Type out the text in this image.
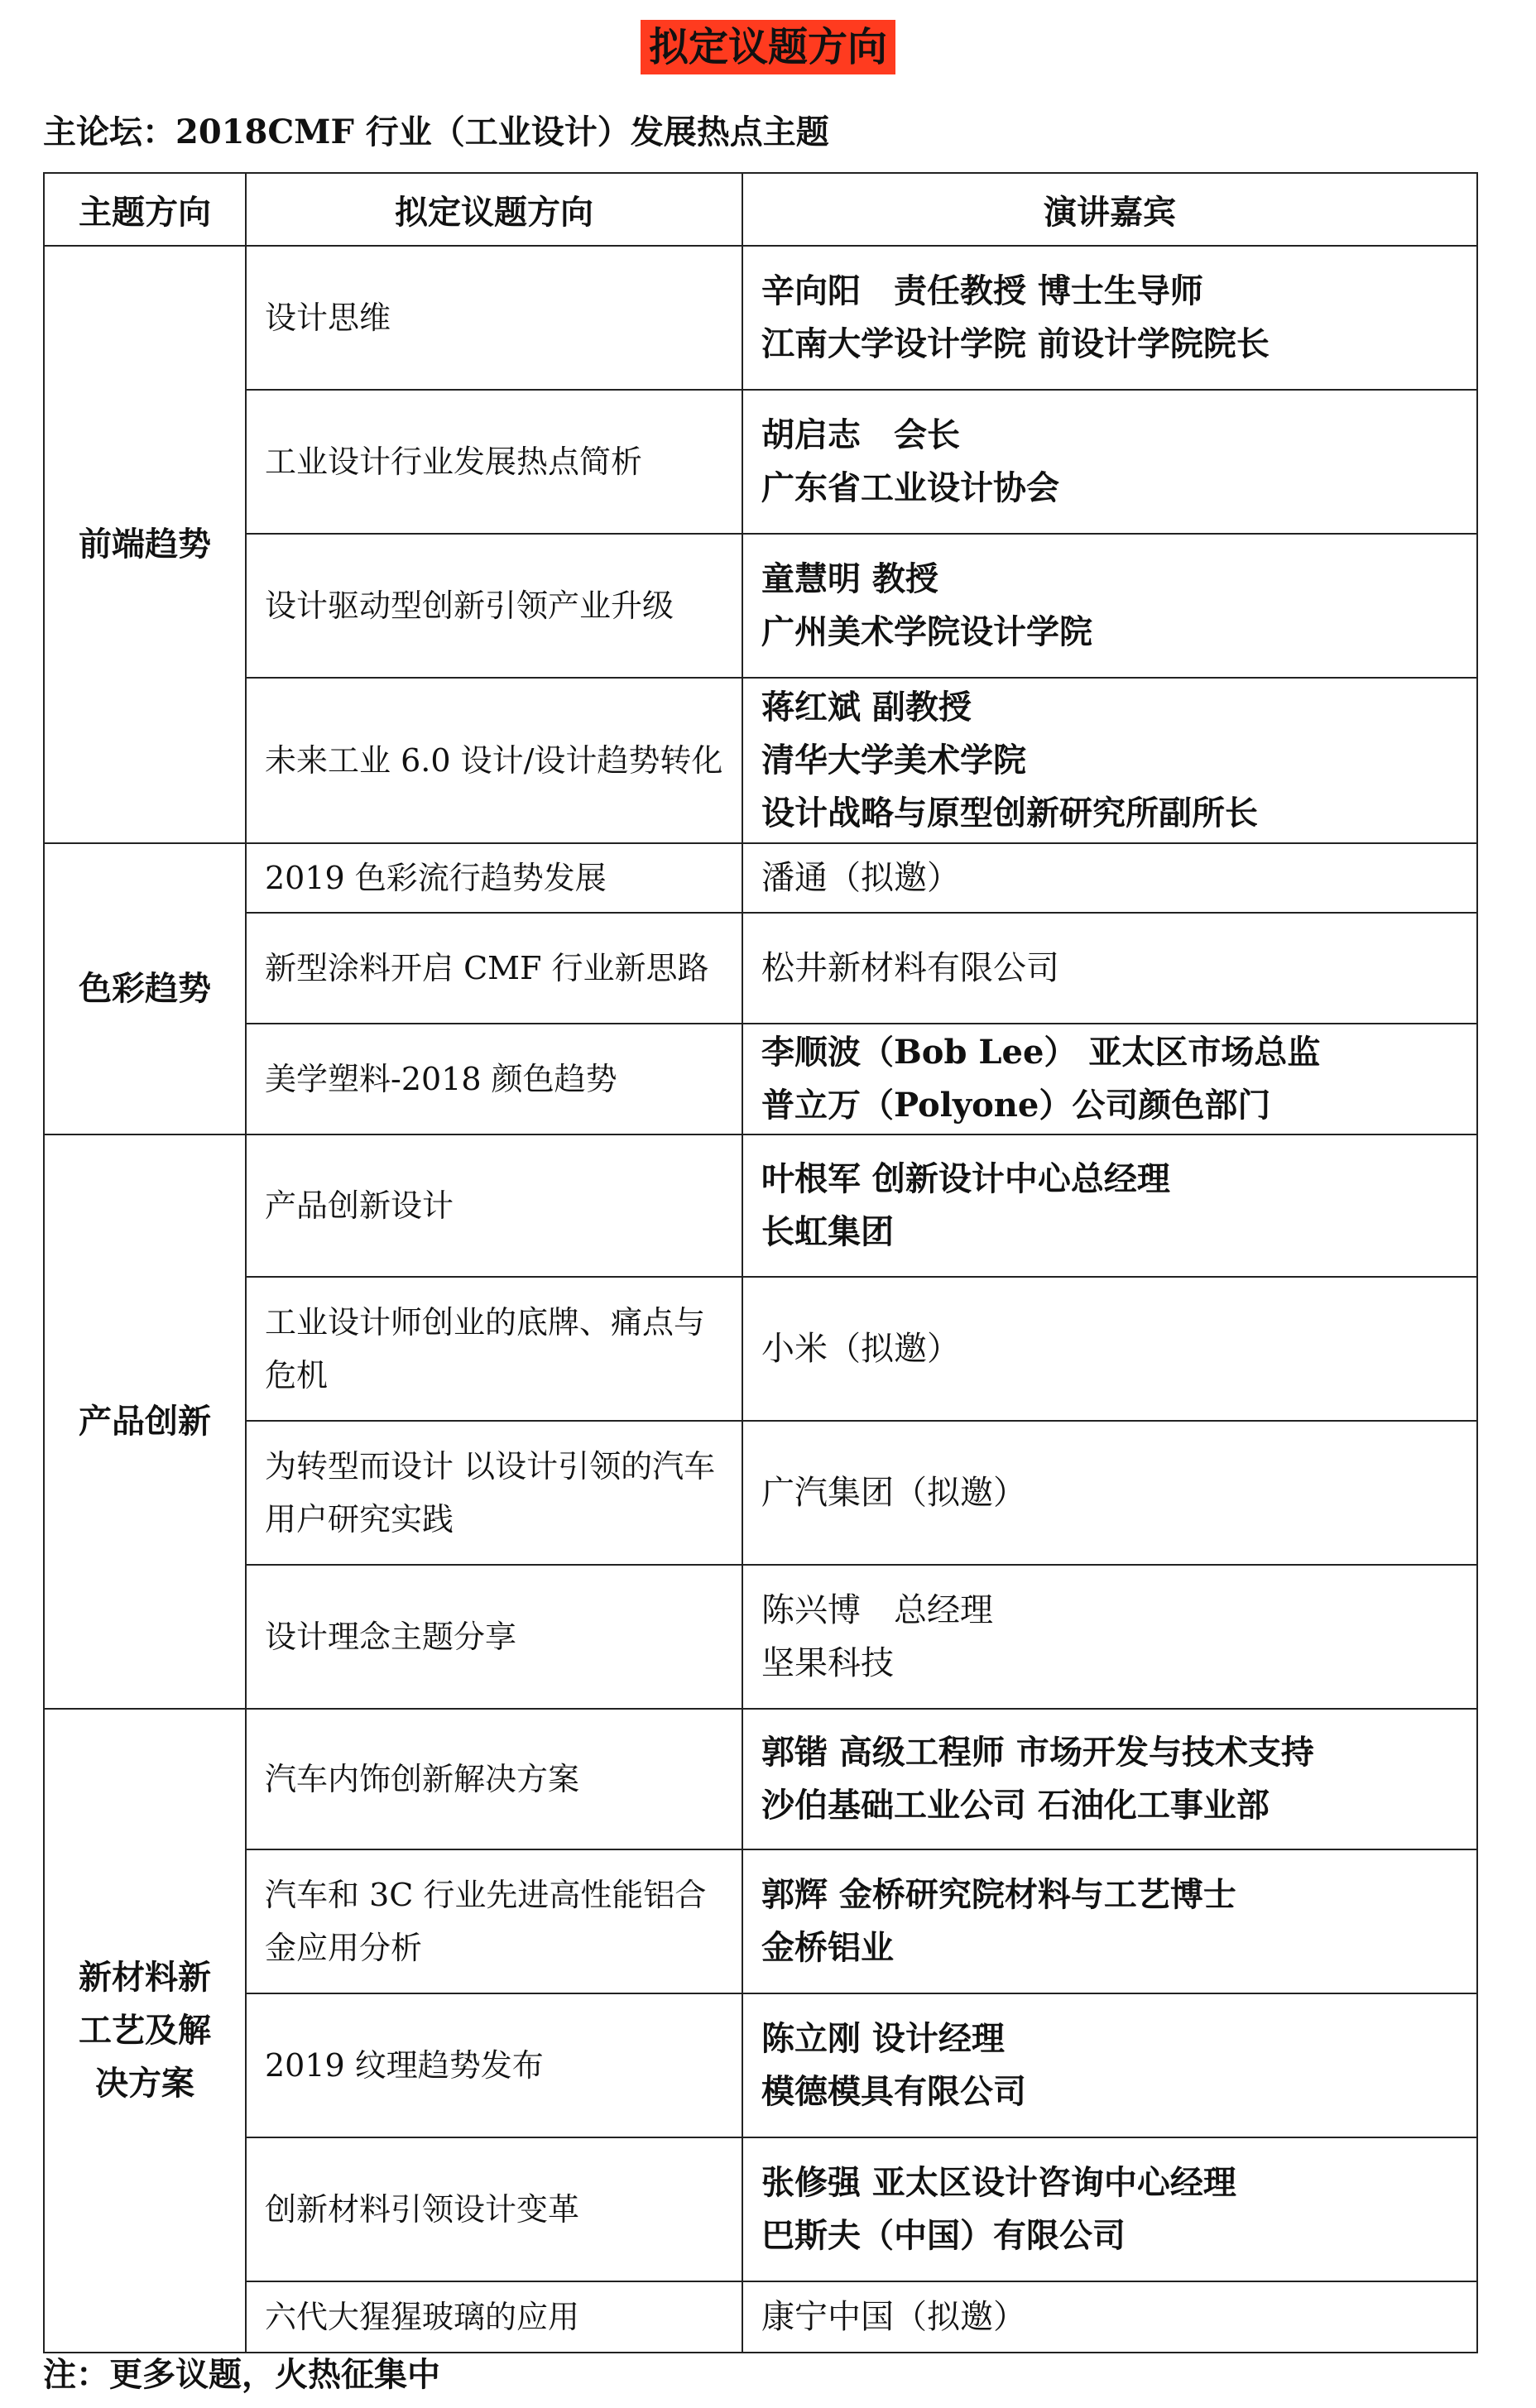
拟定议题方向
主论坛：2018CMF 行业（工业设计）发展热点主题
主题方向	拟定议题方向	演讲嘉宾
前端趋势	设计思维	辛向阳　责任教授 博士生导师
江南大学设计学院 前设计学院院长

	工业设计行业发展热点简析	胡启志　会长
广东省工业设计协会

	设计驱动型创新引领产业升级	童慧明 教授
广州美术学院设计学院

	未来工业 6.0 设计/设计趋势转化	蒋红斌 副教授
清华大学美术学院
设计战略与原型创新研究所副所长

色彩趋势	2019 色彩流行趋势发展	潘通（拟邀）

	新型涂料开启 CMF 行业新思路	松井新材料有限公司

	美学塑料-2018 颜色趋势	李顺波（Bob Lee） 亚太区市场总监
普立万（Polyone）公司颜色部门

产品创新	产品创新设计	叶根军 创新设计中心总经理
长虹集团

	工业设计师创业的底牌、痛点与危机	小米（拟邀）

	为转型而设计 以设计引领的汽车用户研究实践	广汽集团（拟邀）

	设计理念主题分享	陈兴博　总经理
坚果科技

新材料新工艺及解决方案	汽车内饰创新解决方案	郭锴 高级工程师 市场开发与技术支持
沙伯基础工业公司 石油化工事业部

	汽车和 3C 行业先进高性能铝合金应用分析	郭辉 金桥研究院材料与工艺博士
金桥铝业

	2019 纹理趋势发布	陈立刚 设计经理
模德模具有限公司

	创新材料引领设计变革	张修强 亚太区设计咨询中心经理
巴斯夫（中国）有限公司

	六代大猩猩玻璃的应用	康宁中国（拟邀）
注：更多议题，火热征集中
